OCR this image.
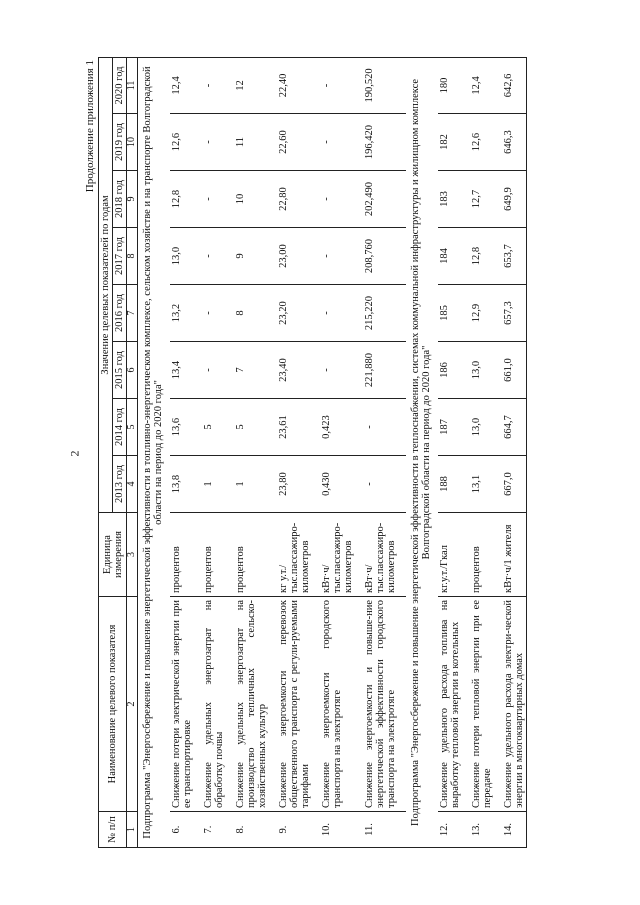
2
Продолжение приложения 1
№ п/п	Наименование целевого показателя	Единица измерения	Значение целевых показателей по годам							
			2013 год	2014 год	2015 год	2016 год	2017 год	2018 год	2019 год	2020 год
1	2	3	4	5	6	7	8	9	10	11
Подпрограмма "Энергосбережение и повышение энергетической эффективности в топливно-энергетическом комплексе, сельском хозяйстве и на транспорте Волгоградской области на период до 2020 года"										
6.	Снижение потери электрической энергии при ее транспортировке	процентов	13,8	13,6	13,4	13,2	13,0	12,8	12,6	12,4

7.	Снижение удельных энергозатрат на обработку почвы	процентов	1	5	-	-	-	-	-	-

8.	Снижение удельных энергозатрат на производство тепличных сельско-хозяйственных культур	процентов	1	5	7	8	9	10	11	12

9.	Снижение энергоемкости перевозок общественного транспорта с регули-руемыми тарифами	кг у.т./ тыс.пассажиро-километров	23,80	23,61	23,40	23,20	23,00	22,80	22,60	22,40

10.	Снижение энергоемкости городского транспорта на электротяге	кВт·ч/ тыс.пассажиро-километров	0,430	0,423	-	-	-	-	-	-

11.	Снижение энергоемкости и повыше-ние энергетической эффективности городского транспорта на электротяге	кВт·ч/ тыс.пассажиро-километров	-	-	221,880	215,220	208,760	202,490	196,420	190,520

Подпрограмма "Энергосбережение и повышение энергетической эффективности в теплоснабжении, системах коммунальной инфраструктуры и жилищном комплексе Волгоградской области на период до 2020 года"										
12.	Снижение удельного расхода топлива на выработку тепловой энергии в котельных	кг.у.т./Гкал	188	187	186	185	184	183	182	180

13.	Снижение потери тепловой энергии при ее передаче	процентов	13,1	13,0	13,0	12,9	12,8	12,7	12,6	12,4

14.	Снижение удельного расхода электри-ческой энергии в многоквартирных домах	кВт·ч/1 жителя	667,0	664,7	661,0	657,3	653,7	649,9	646,3	642,6
